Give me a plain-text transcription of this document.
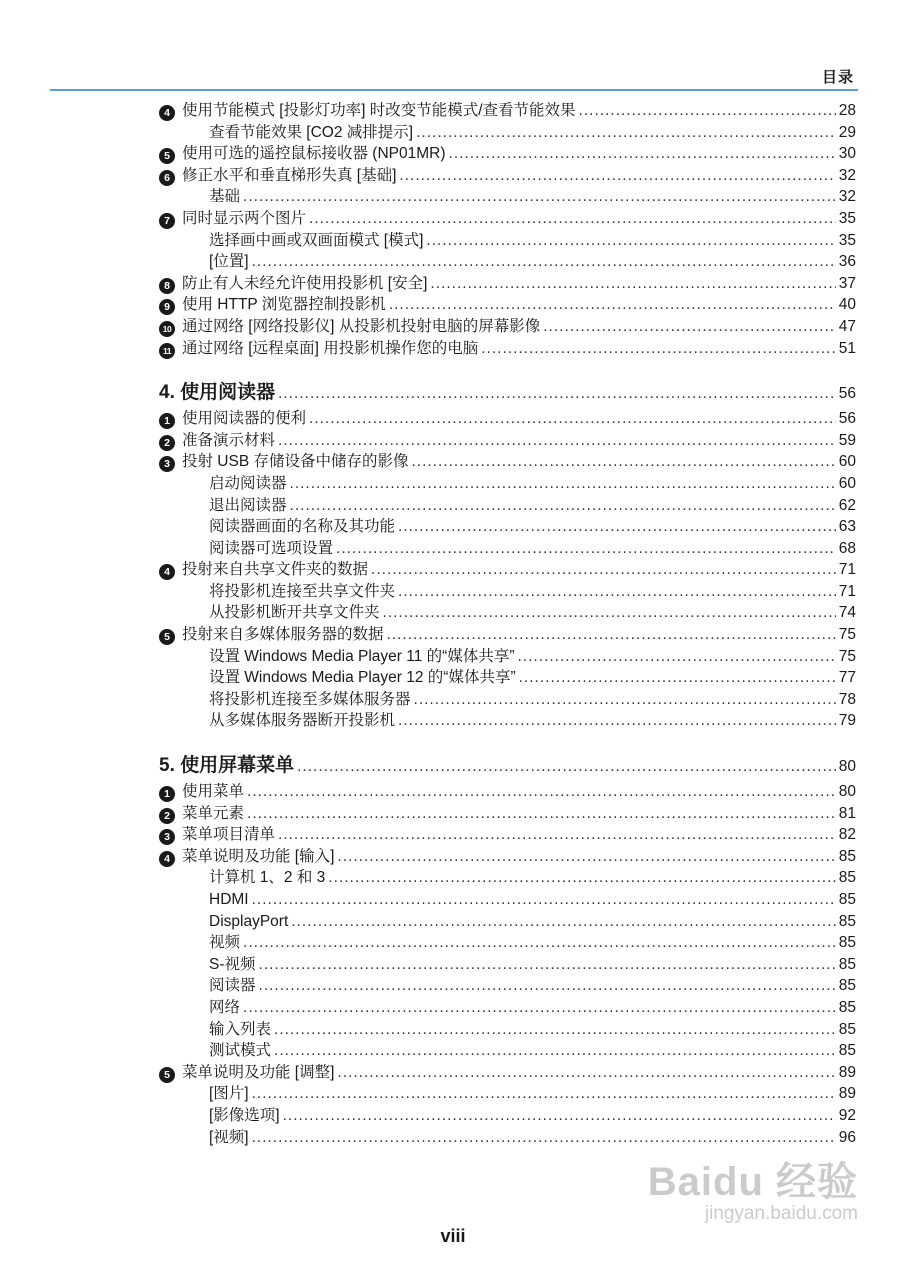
目录
4 使用节能模式 [投影灯功率] 时改变节能模式/查看节能效果 .....	28
查看节能效果 [CO2 减排提示] .....	29
5 使用可选的遥控鼠标接收器 (NP01MR) .....	30
6 修正水平和垂直梯形失真 [基础] .....	32
基础 .....	32
7 同时显示两个图片 .....	35
选择画中画或双画面模式 [模式] .....	35
[位置] .....	36
8 防止有人未经允许使用投影机 [安全] .....	37
9 使用 HTTP 浏览器控制投影机 .....	40
10 通过网络 [网络投影仪] 从投影机投射电脑的屏幕影像 .....	47
11 通过网络 [远程桌面] 用投影机操作您的电脑 .....	51
4. 使用阅读器 .....	56
1 使用阅读器的便利 .....	56
2 准备演示材料 .....	59
3 投射 USB 存储设备中储存的影像 .....	60
启动阅读器 .....	60
退出阅读器 .....	62
阅读器画面的名称及其功能 .....	63
阅读器可选项设置 .....	68
4 投射来自共享文件夹的数据 .....	71
将投影机连接至共享文件夹 .....	71
从投影机断开共享文件夹 .....	74
5 投射来自多媒体服务器的数据 .....	75
设置 Windows Media Player 11 的“媒体共享” .....	75
设置 Windows Media Player 12 的“媒体共享” .....	77
将投影机连接至多媒体服务器 .....	78
从多媒体服务器断开投影机 .....	79
5. 使用屏幕菜单 .....	80
1 使用菜单 .....	80
2 菜单元素 .....	81
3 菜单项目清单 .....	82
4 菜单说明及功能 [输入] .....	85
计算机 1、2 和 3 .....	85
HDMI .....	85
DisplayPort .....	85
视频 .....	85
S-视频 .....	85
阅读器 .....	85
网络 .....	85
输入列表 .....	85
测试模式 .....	85
5 菜单说明及功能 [调整] .....	89
[图片] .....	89
[影像选项] .....	92
[视频] .....	96
viii
Baidu 经验
jingyan.baidu.com
